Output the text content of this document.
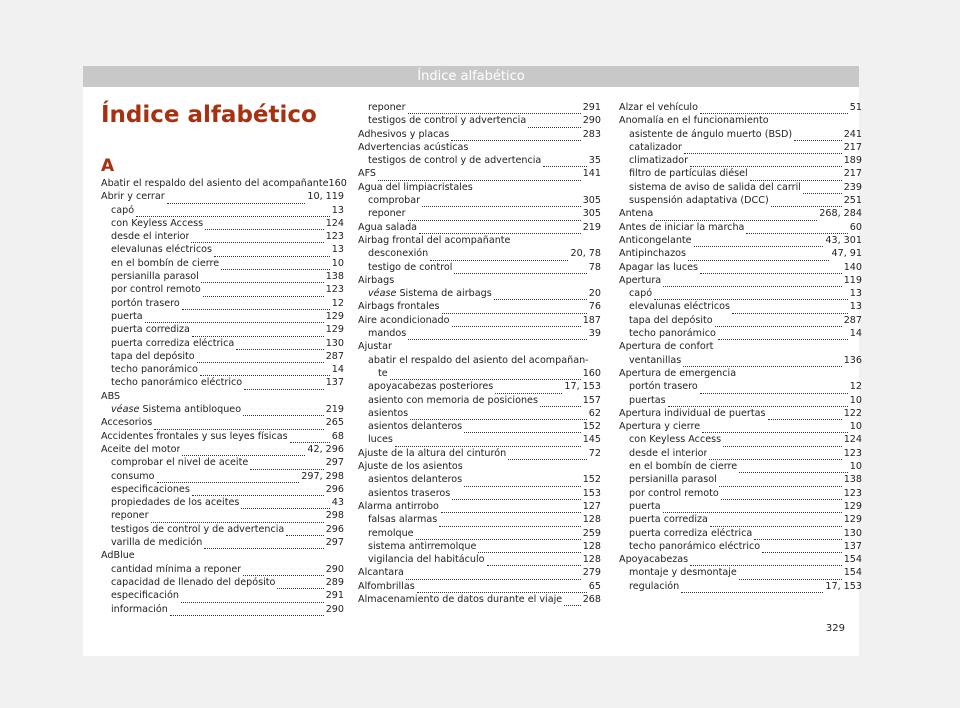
Índice alfabético
Índice alfabético
A
Abatir el respaldo del asiento del acompañante 160
Abrir y cerrar	10, 119
capó	13
con Keyless Access	124
desde el interior	123
elevalunas eléctricos	13
en el bombín de cierre	10
persianilla parasol	138
por control remoto	123
portón trasero	12
puerta	129
puerta corrediza	129
puerta corrediza eléctrica	130
tapa del depósito	287
techo panorámico	14
techo panorámico eléctrico	137
ABS
véase Sistema antibloqueo	219
Accesorios	265
Accidentes frontales y sus leyes físicas	68
Aceite del motor	42, 296
comprobar el nivel de aceite	297
consumo	297, 298
especificaciones	296
propiedades de los aceites	43
reponer	298
testigos de control y de advertencia	296
varilla de medición	297
AdBlue
cantidad mínima a reponer	290
capacidad de llenado del depósito	289
especificación	291
información	290
reponer	291
testigos de control y advertencia	290
Adhesivos y placas	283
Advertencias acústicas
testigos de control y de advertencia	35
AFS	141
Agua del limpiacristales
comprobar	305
reponer	305
Agua salada	219
Airbag frontal del acompañante
desconexión	20, 78
testigo de control	78
Airbags
véase Sistema de airbags	20
Airbags frontales	76
Aire acondicionado	187
mandos	39
Ajustar
abatir el respaldo del asiento del acompañan-
te	160
apoyacabezas posteriores	17, 153
asiento con memoria de posiciones	157
asientos	62
asientos delanteros	152
luces	145
Ajuste de la altura del cinturón	72
Ajuste de los asientos
asientos delanteros	152
asientos traseros	153
Alarma antirrobo	127
falsas alarmas	128
remolque	259
sistema antirremolque	128
vigilancia del habitáculo	128
Alcantara	279
Alfombrillas	65
Almacenamiento de datos durante el viaje 268
Alzar el vehículo	51
Anomalía en el funcionamiento
asistente de ángulo muerto (BSD)	241
catalizador	217
climatizador	189
filtro de partículas diésel	217
sistema de aviso de salida del carril	239
suspensión adaptativa (DCC)	251
Antena	268, 284
Antes de iniciar la marcha	60
Anticongelante	43, 301
Antipinchazos	47, 91
Apagar las luces	140
Apertura	119
capó	13
elevalunas eléctricos	13
tapa del depósito	287
techo panorámico	14
Apertura de confort
ventanillas	136
Apertura de emergencia
portón trasero	12
puertas	10
Apertura individual de puertas	122
Apertura y cierre	10
con Keyless Access	124
desde el interior	123
en el bombín de cierre	10
persianilla parasol	138
por control remoto	123
puerta	129
puerta corrediza	129
puerta corrediza eléctrica	130
techo panorámico eléctrico	137
Apoyacabezas	154
montaje y desmontaje	154
regulación	17, 153
329
